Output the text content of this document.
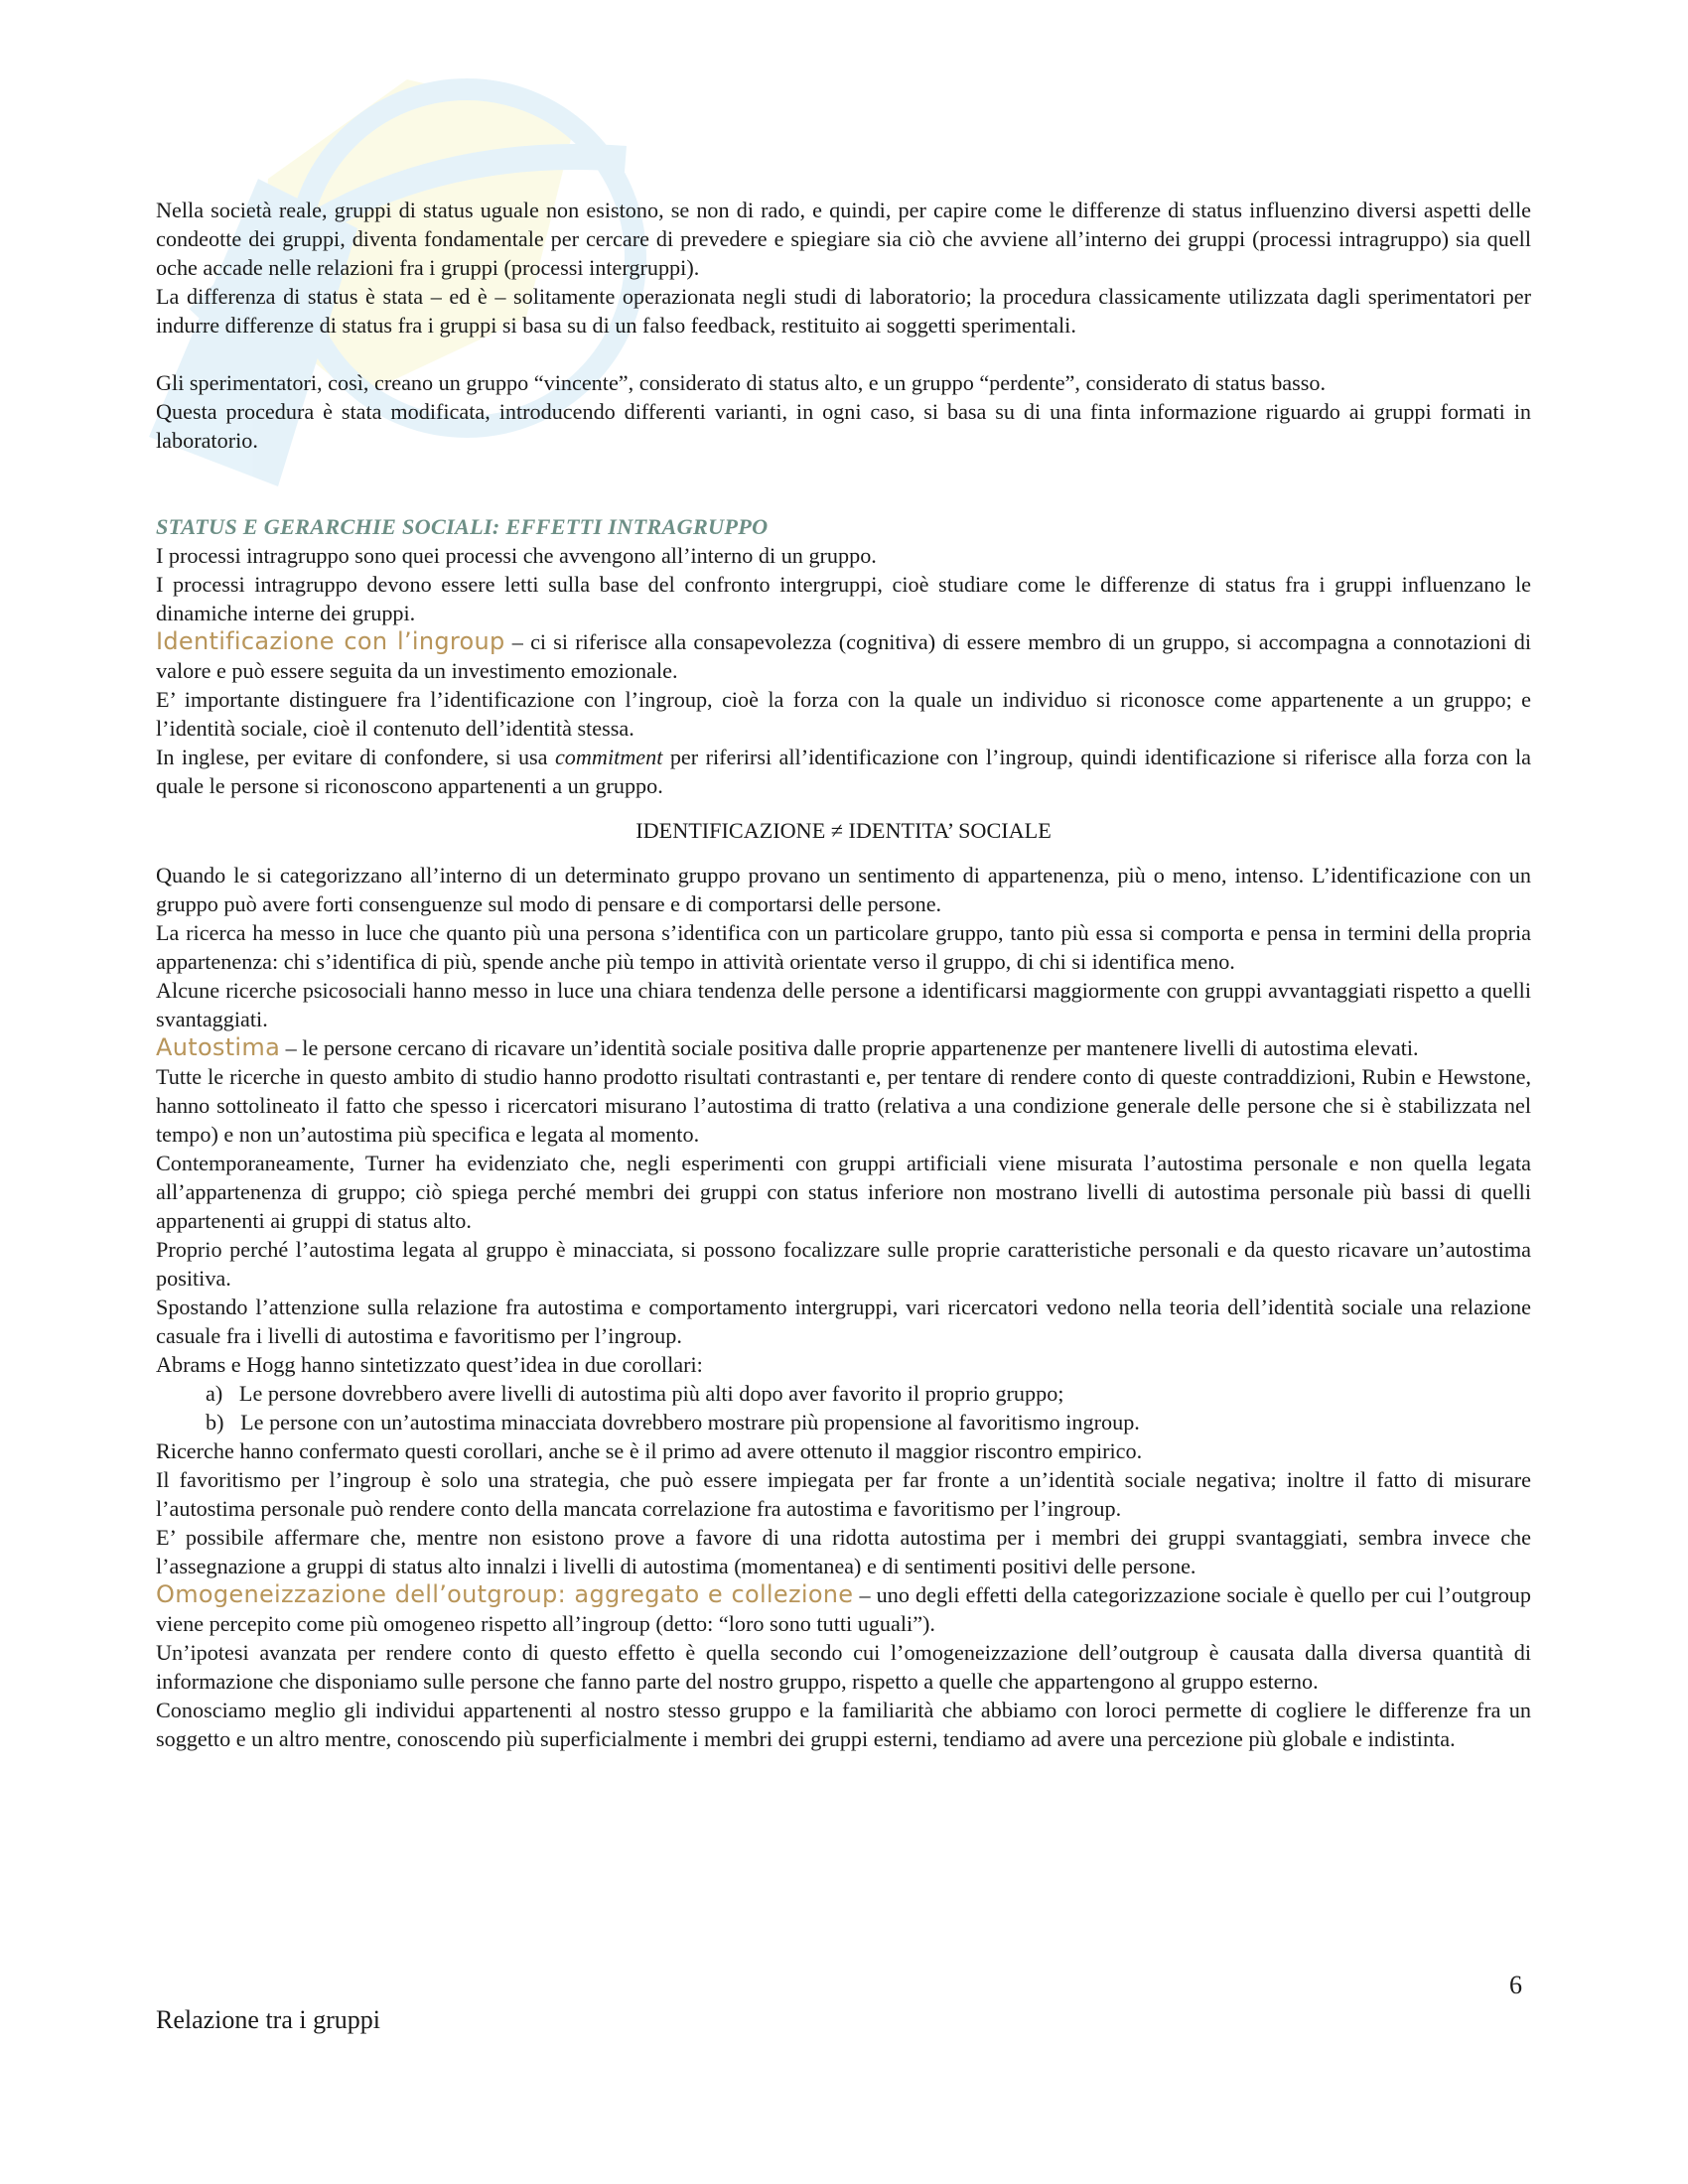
Nella società reale, gruppi di status uguale non esistono, se non di rado, e quindi, per capire come le differenze di status influenzino diversi aspetti delle condeotte dei gruppi, diventa fondamentale per cercare di prevedere e spiegiare sia ciò che avviene all’interno dei gruppi (processi intragruppo) sia quell oche accade nelle relazioni fra i gruppi (processi intergruppi).

La differenza di status è stata – ed è – solitamente operazionata negli studi di laboratorio; la procedura classicamente utilizzata dagli sperimentatori per indurre differenze di status fra i gruppi si basa su di un falso feedback, restituito ai soggetti sperimentali.

Gli sperimentatori, così, creano un gruppo “vincente”, considerato di status alto, e un gruppo “perdente”, considerato di status basso.

Questa procedura è stata modificata, introducendo differenti varianti, in ogni caso, si basa su di una finta informazione riguardo ai gruppi formati in laboratorio.

STATUS E GERARCHIE SOCIALI: EFFETTI INTRAGRUPPO

I processi intragruppo sono quei processi che avvengono all’interno di un gruppo.

I processi intragruppo devono essere letti sulla base del confronto intergruppi, cioè studiare come le differenze di status fra i gruppi influenzano le dinamiche interne dei gruppi.

Identificazione con l’ingroup – ci si riferisce alla consapevolezza (cognitiva) di essere membro di un gruppo, si accompagna a connotazioni di valore e può essere seguita da un investimento emozionale.

E’ importante distinguere fra l’identificazione con l’ingroup, cioè la forza con la quale un individuo si riconosce come appartenente a un gruppo; e l’identità sociale, cioè il contenuto dell’identità stessa.

In inglese, per evitare di confondere, si usa commitment per riferirsi all’identificazione con l’ingroup, quindi identificazione si riferisce alla forza con la quale le persone si riconoscono appartenenti a un gruppo.

IDENTIFICAZIONE ≠ IDENTITA’ SOCIALE

Quando le si categorizzano all’interno di un determinato gruppo provano un sentimento di appartenenza, più o meno, intenso. L’identificazione con un gruppo può avere forti consenguenze sul modo di pensare e di comportarsi delle persone.

La ricerca ha messo in luce che quanto più una persona s’identifica con un particolare gruppo, tanto più essa si comporta e pensa in termini della propria appartenenza: chi s’identifica di più, spende anche più tempo in attività orientate verso il gruppo, di chi si identifica meno.

Alcune ricerche psicosociali hanno messo in luce una chiara tendenza delle persone a identificarsi maggiormente con gruppi avvantaggiati rispetto a quelli svantaggiati.

Autostima – le persone cercano di ricavare un’identità sociale positiva dalle proprie appartenenze per mantenere livelli di autostima elevati.

Tutte le ricerche in questo ambito di studio hanno prodotto risultati contrastanti e, per tentare di rendere conto di queste contraddizioni, Rubin e Hewstone, hanno sottolineato il fatto che spesso i ricercatori misurano l’autostima di tratto (relativa a una condizione generale delle persone che si è stabilizzata nel tempo) e non un’autostima più specifica e legata al momento.

Contemporaneamente, Turner ha evidenziato che, negli esperimenti con gruppi artificiali viene misurata l’autostima personale e non quella legata all’appartenenza di gruppo; ciò spiega perché membri dei gruppi con status inferiore non mostrano livelli di autostima personale più bassi di quelli appartenenti ai gruppi di status alto.

Proprio perché l’autostima legata al gruppo è minacciata, si possono focalizzare sulle proprie caratteristiche personali e da questo ricavare un’autostima positiva.

Spostando l’attenzione sulla relazione fra autostima e comportamento intergruppi, vari ricercatori vedono nella teoria dell’identità sociale una relazione casuale fra i livelli di autostima e favoritismo per l’ingroup.

Abrams e Hogg hanno sintetizzato quest’idea in due corollari:

a) Le persone dovrebbero avere livelli di autostima più alti dopo aver favorito il proprio gruppo;
b) Le persone con un’autostima minacciata dovrebbero mostrare più propensione al favoritismo ingroup.

Ricerche hanno confermato questi corollari, anche se è il primo ad avere ottenuto il maggior riscontro empirico.

Il favoritismo per l’ingroup è solo una strategia, che può essere impiegata per far fronte a un’identità sociale negativa; inoltre il fatto di misurare l’autostima personale può rendere conto della mancata correlazione fra autostima e favoritismo per l’ingroup.

E’ possibile affermare che, mentre non esistono prove a favore di una ridotta autostima per i membri dei gruppi svantaggiati, sembra invece che l’assegnazione a gruppi di status alto innalzi i livelli di autostima (momentanea) e di sentimenti positivi delle persone.

Omogeneizzazione dell’outgroup: aggregato e collezione – uno degli effetti della categorizzazione sociale è quello per cui l’outgroup viene percepito come più omogeneo rispetto all’ingroup (detto: “loro sono tutti uguali”).

Un’ipotesi avanzata per rendere conto di questo effetto è quella secondo cui l’omogeneizzazione dell’outgroup è causata dalla diversa quantità di informazione che disponiamo sulle persone che fanno parte del nostro gruppo, rispetto a quelle che appartengono al gruppo esterno.

Conosciamo meglio gli individui appartenenti al nostro stesso gruppo e la familiarità che abbiamo con loroci permette di cogliere le differenze fra un soggetto e un altro mentre, conoscendo più superficialmente i membri dei gruppi esterni, tendiamo ad avere una percezione più globale e indistinta.

6
Relazione tra i gruppi
